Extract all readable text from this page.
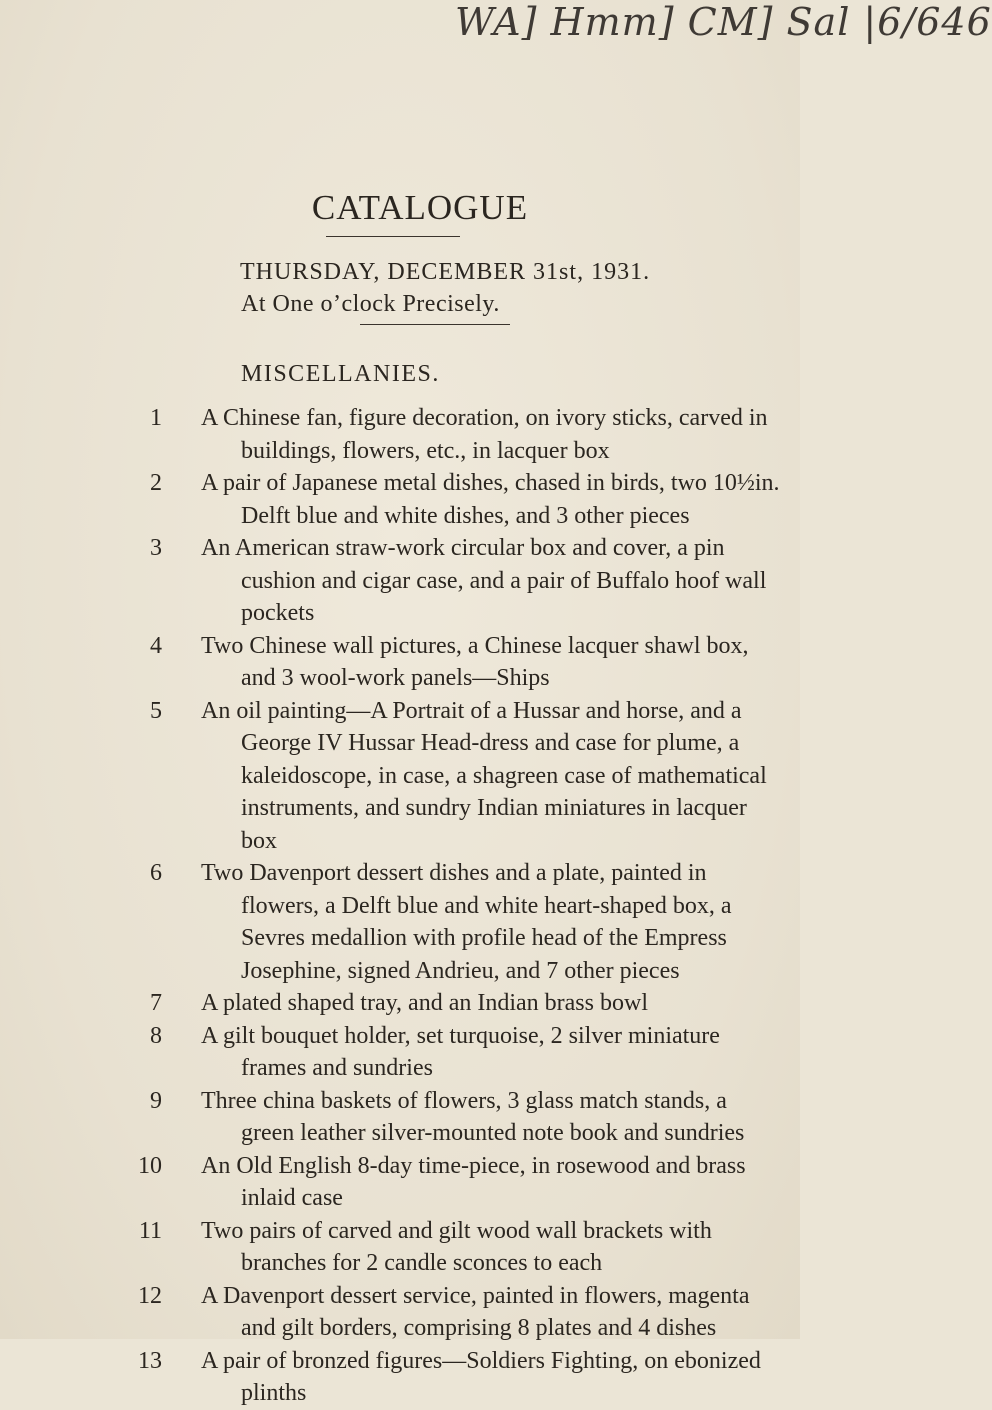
WA] Hmm] CM] Sal |6/646
CATALOGUE
THURSDAY, DECEMBER 31st, 1931.
At One o’clock Precisely.
MISCELLANIES.
1 A Chinese fan, figure decoration, on ivory sticks, carved in buildings, flowers, etc., in lacquer box
2 A pair of Japanese metal dishes, chased in birds, two 10½in. Delft blue and white dishes, and 3 other pieces
3 An American straw-work circular box and cover, a pin cushion and cigar case, and a pair of Buffalo hoof wall pockets
4 Two Chinese wall pictures, a Chinese lacquer shawl box, and 3 wool-work panels—Ships
5 An oil painting—A Portrait of a Hussar and horse, and a George IV Hussar Head-dress and case for plume, a kaleidoscope, in case, a shagreen case of mathematical instruments, and sundry Indian miniatures in lacquer box
6 Two Davenport dessert dishes and a plate, painted in flowers, a Delft blue and white heart-shaped box, a Sevres medallion with profile head of the Empress Josephine, signed Andrieu, and 7 other pieces
7 A plated shaped tray, and an Indian brass bowl
8 A gilt bouquet holder, set turquoise, 2 silver miniature frames and sundries
9 Three china baskets of flowers, 3 glass match stands, a green leather silver-mounted note book and sundries
10 An Old English 8-day time-piece, in rosewood and brass inlaid case
11 Two pairs of carved and gilt wood wall brackets with branches for 2 candle sconces to each
12 A Davenport dessert service, painted in flowers, magenta and gilt borders, comprising 8 plates and 4 dishes
13 A pair of bronzed figures—Soldiers Fighting, on ebonized plinths
